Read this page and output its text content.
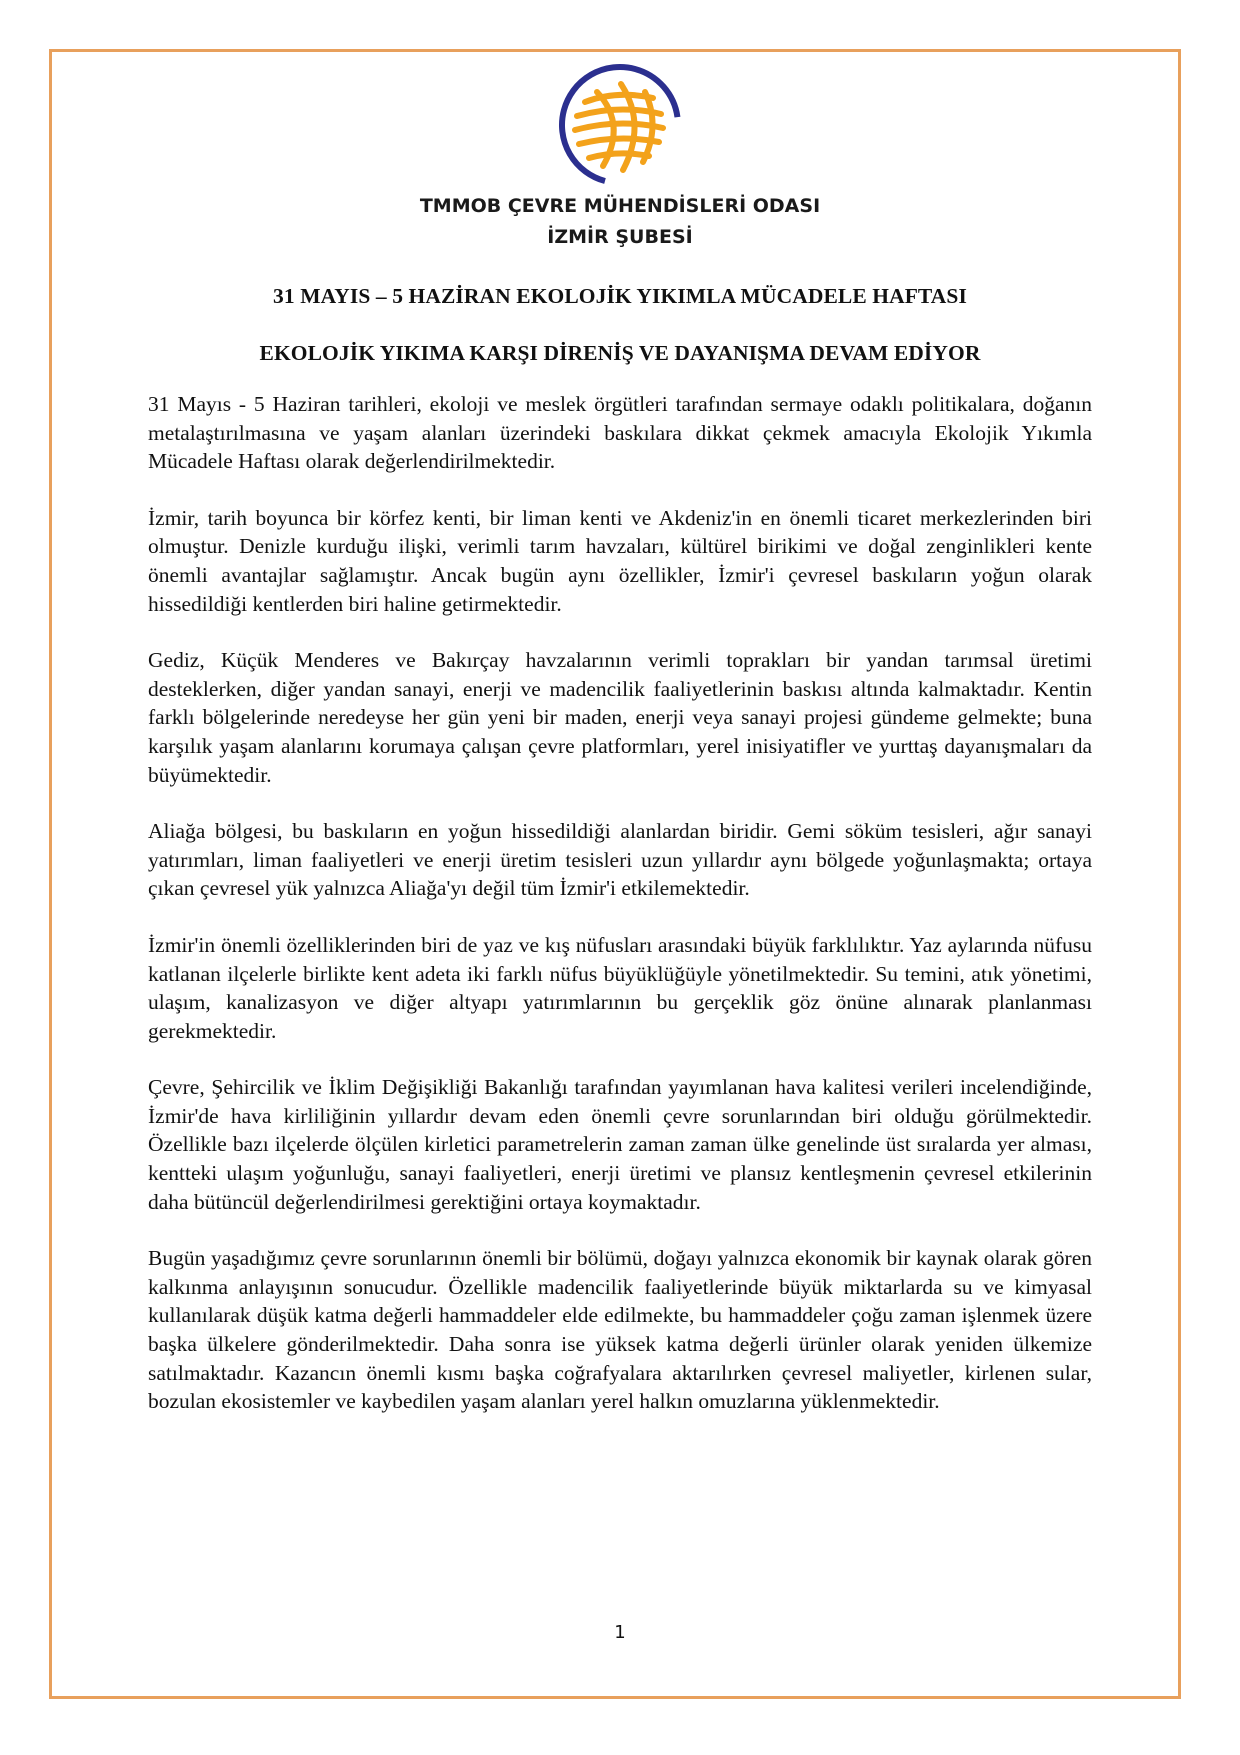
TMMOB ÇEVRE MÜHENDİSLERİ ODASI
İZMİR ŞUBESİ
31 MAYIS – 5 HAZİRAN EKOLOJİK YIKIMLA MÜCADELE HAFTASI
EKOLOJİK YIKIMA KARŞI DİRENİŞ VE DAYANIŞMA DEVAM EDİYOR

31 Mayıs - 5 Haziran tarihleri, ekoloji ve meslek örgütleri tarafından sermaye odaklı politikalara, doğanın metalaştırılmasına ve yaşam alanları üzerindeki baskılara dikkat çekmek amacıyla Ekolojik Yıkımla Mücadele Haftası olarak değerlendirilmektedir.

İzmir, tarih boyunca bir körfez kenti, bir liman kenti ve Akdeniz'in en önemli ticaret merkezlerinden biri olmuştur. Denizle kurduğu ilişki, verimli tarım havzaları, kültürel birikimi ve doğal zenginlikleri kente önemli avantajlar sağlamıştır. Ancak bugün aynı özellikler, İzmir'i çevresel baskıların yoğun olarak hissedildiği kentlerden biri haline getirmektedir.

Gediz, Küçük Menderes ve Bakırçay havzalarının verimli toprakları bir yandan tarımsal üretimi desteklerken, diğer yandan sanayi, enerji ve madencilik faaliyetlerinin baskısı altında kalmaktadır. Kentin farklı bölgelerinde neredeyse her gün yeni bir maden, enerji veya sanayi projesi gündeme gelmekte; buna karşılık yaşam alanlarını korumaya çalışan çevre platformları, yerel inisiyatifler ve yurttaş dayanışmaları da büyümektedir.

Aliağa bölgesi, bu baskıların en yoğun hissedildiği alanlardan biridir. Gemi söküm tesisleri, ağır sanayi yatırımları, liman faaliyetleri ve enerji üretim tesisleri uzun yıllardır aynı bölgede yoğunlaşmakta; ortaya çıkan çevresel yük yalnızca Aliağa'yı değil tüm İzmir'i etkilemektedir.

İzmir'in önemli özelliklerinden biri de yaz ve kış nüfusları arasındaki büyük farklılıktır. Yaz aylarında nüfusu katlanan ilçelerle birlikte kent adeta iki farklı nüfus büyüklüğüyle yönetilmektedir. Su temini, atık yönetimi, ulaşım, kanalizasyon ve diğer altyapı yatırımlarının bu gerçeklik göz önüne alınarak planlanması gerekmektedir.

Çevre, Şehircilik ve İklim Değişikliği Bakanlığı tarafından yayımlanan hava kalitesi verileri incelendiğinde, İzmir'de hava kirliliğinin yıllardır devam eden önemli çevre sorunlarından biri olduğu görülmektedir. Özellikle bazı ilçelerde ölçülen kirletici parametrelerin zaman zaman ülke genelinde üst sıralarda yer alması, kentteki ulaşım yoğunluğu, sanayi faaliyetleri, enerji üretimi ve plansız kentleşmenin çevresel etkilerinin daha bütüncül değerlendirilmesi gerektiğini ortaya koymaktadır.

Bugün yaşadığımız çevre sorunlarının önemli bir bölümü, doğayı yalnızca ekonomik bir kaynak olarak gören kalkınma anlayışının sonucudur. Özellikle madencilik faaliyetlerinde büyük miktarlarda su ve kimyasal kullanılarak düşük katma değerli hammaddeler elde edilmekte, bu hammaddeler çoğu zaman işlenmek üzere başka ülkelere gönderilmektedir. Daha sonra ise yüksek katma değerli ürünler olarak yeniden ülkemize satılmaktadır. Kazancın önemli kısmı başka coğrafyalara aktarılırken çevresel maliyetler, kirlenen sular, bozulan ekosistemler ve kaybedilen yaşam alanları yerel halkın omuzlarına yüklenmektedir.

1
